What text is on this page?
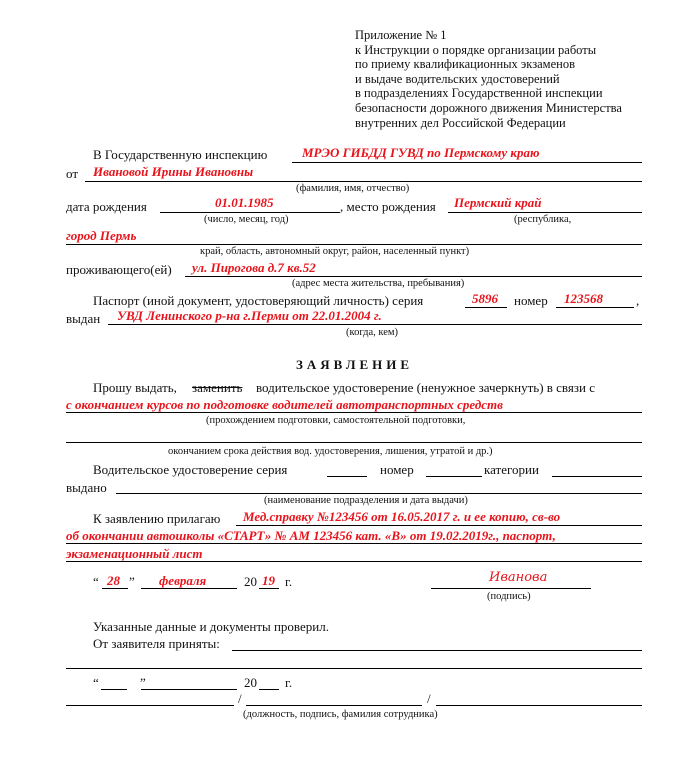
Приложение № 1
к Инструкции о порядке организации работы
по приему квалификационных экзаменов
и выдаче водительских удостоверений
в подразделениях Государственной инспекции
безопасности дорожного движения Министерства
внутренних дел Российской Федерации
В Государственную инспекцию	МРЭО ГИБДД ГУВД по Пермскому краю
от Ивановой Ирины Ивановны
(фамилия, имя, отчество)
дата рождения	01.01.1985	, место рождения Пермский край
(число, месяц, год)	(республика,
город Пермь
край, область, автономный округ, район, населенный пункт)
проживающего(ей) ул. Пирогова д.7 кв.52
(адрес места жительства, пребывания)
Паспорт (иной документ, удостоверяющий личность) серия	5896 номер 123568	,
выдан УВД Ленинского р-на г.Перми от 22.01.2004 г.
(когда, кем)
ЗАЯВЛЕНИЕ
Прошу выдать, заменить водительское удостоверение (ненужное зачеркнуть) в связи с
с окончанием курсов по подготовке водителей автотранспортных средств
(прохождением подготовки, самостоятельной подготовки,
окончанием срока действия вод. удостоверения, лишения, утратой и др.)
Водительское удостоверение серия	номер	категории
выдано
(наименование подразделения и дата выдачи)
К заявлению прилагаю Мед.справку №123456 от 16.05.2017 г. и ее копию, св-во
об окончании автошколы «СТАРТ» № АМ 123456 кат. «В» от 19.02.2019г., паспорт,
экзаменационный лист
“ 28 ” февраля	20 19 г.	Иванова
(подпись)
Указанные данные и документы проверил.
От заявителя приняты:
“	”	20 г.
/	/
(должность, подпись, фамилия сотрудника)
